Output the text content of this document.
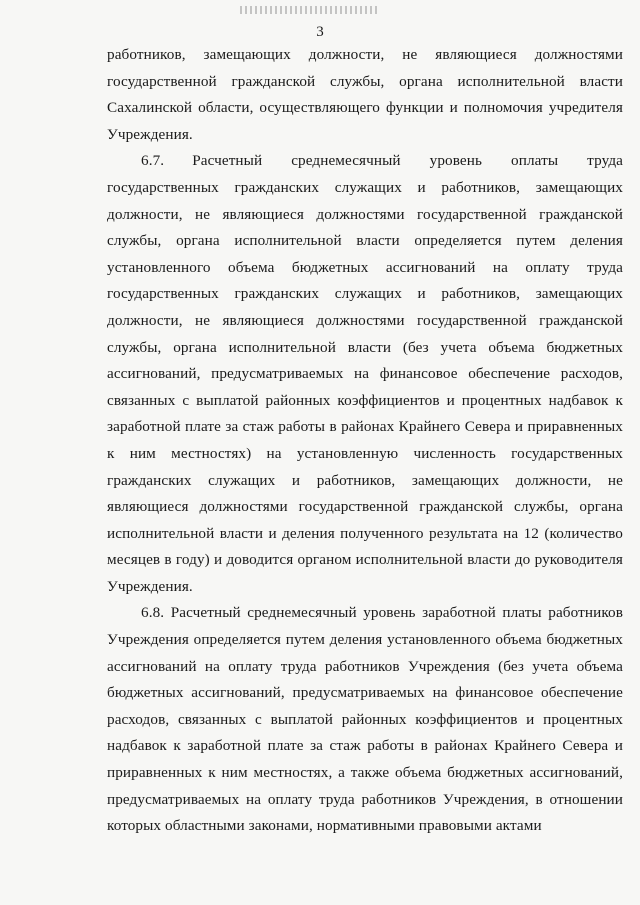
3

работников, замещающих должности, не являющиеся должностями государственной гражданской службы, органа исполнительной власти Сахалинской области, осуществляющего функции и полномочия учредителя Учреждения.

6.7. Расчетный среднемесячный уровень оплаты труда государственных гражданских служащих и работников, замещающих должности, не являющиеся должностями государственной гражданской службы, органа исполнительной власти определяется путем деления установленного объема бюджетных ассигнований на оплату труда государственных гражданских служащих и работников, замещающих должности, не являющиеся должностями государственной гражданской службы, органа исполнительной власти (без учета объема бюджетных ассигнований, предусматриваемых на финансовое обеспечение расходов, связанных с выплатой районных коэффициентов и процентных надбавок к заработной плате за стаж работы в районах Крайнего Севера и приравненных к ним местностях) на установленную численность государственных гражданских служащих и работников, замещающих должности, не являющиеся должностями государственной гражданской службы, органа исполнительной власти и деления полученного результата на 12 (количество месяцев в году) и доводится органом исполнительной власти до руководителя Учреждения.

6.8. Расчетный среднемесячный уровень заработной платы работников Учреждения определяется путем деления установленного объема бюджетных ассигнований на оплату труда работников Учреждения (без учета объема бюджетных ассигнований, предусматриваемых на финансовое обеспечение расходов, связанных с выплатой районных коэффициентов и процентных надбавок к заработной плате за стаж работы в районах Крайнего Севера и приравненных к ним местностях, а также объема бюджетных ассигнований, предусматриваемых на оплату труда работников Учреждения, в отношении которых областными законами, нормативными правовыми актами
